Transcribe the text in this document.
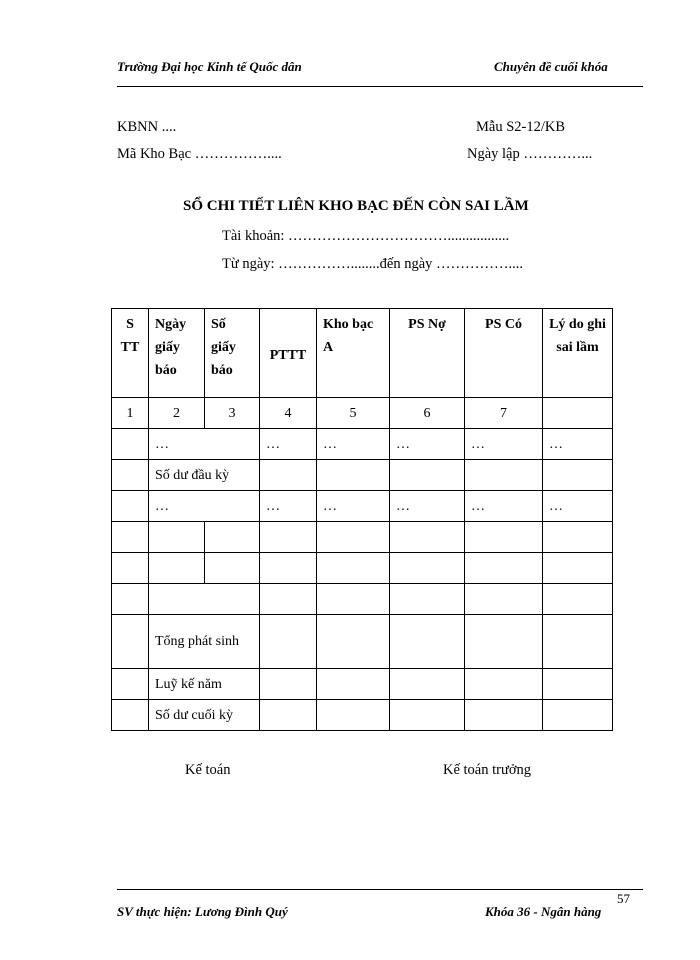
Trường Đại học Kinh tế Quốc dân	Chuyên đề cuối khóa
KBNN ....	Mẫu S2-12/KB
Mã Kho Bạc ……………....	Ngày lập …………...
SỔ CHI TIẾT LIÊN KHO BẠC ĐẾN CÒN SAI LẦM
Tài khoản: …………………………….................
Từ ngày: ……………........đến ngày ……………....
S TT	Ngày giấy báo	Số giấy báo	PTTT	Kho bạc A	PS Nợ	PS Có	Lý do ghi sai lầm
1	2	3	4	5	6	7	
	…		…	…	…	…	…
	Số dư đầu kỳ						
	…		…	…	…	…	…

	Tổng phát sinh						
	Luỹ kế năm						
	Số dư cuối kỳ						
Kế toán	Kế toán trưởng
57
SV thực hiện: Lương Đình Quý	Khóa 36 - Ngân hàng
